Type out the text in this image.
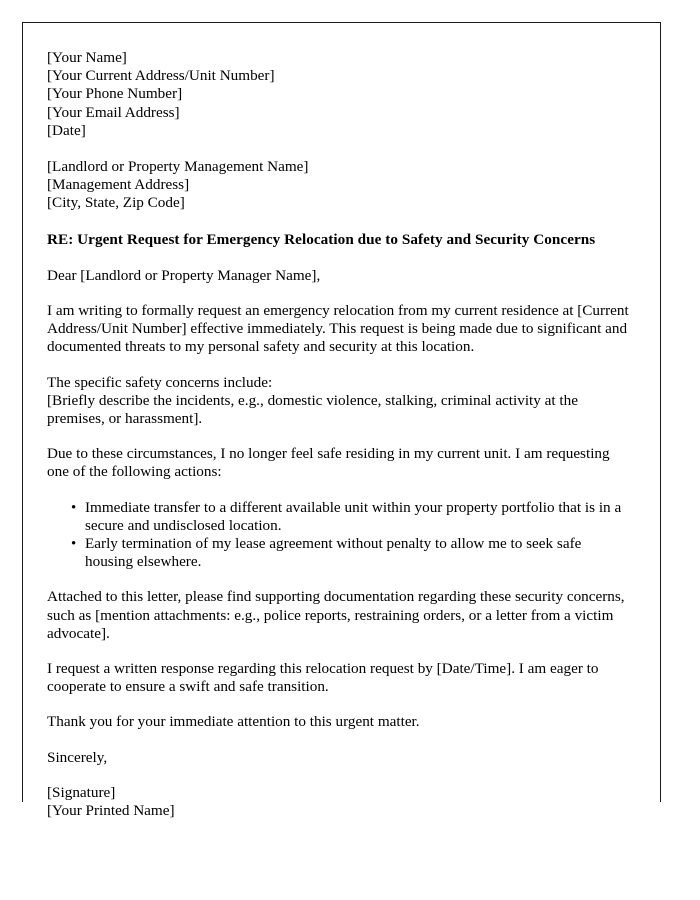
[Your Name]
[Your Current Address/Unit Number]
[Your Phone Number]
[Your Email Address]
[Date]
[Landlord or Property Management Name]
[Management Address]
[City, State, Zip Code]
RE: Urgent Request for Emergency Relocation due to Safety and Security Concerns
Dear [Landlord or Property Manager Name],
I am writing to formally request an emergency relocation from my current residence at [Current Address/Unit Number] effective immediately. This request is being made due to significant and documented threats to my personal safety and security at this location.
The specific safety concerns include:
[Briefly describe the incidents, e.g., domestic violence, stalking, criminal activity at the premises, or harassment].
Due to these circumstances, I no longer feel safe residing in my current unit. I am requesting one of the following actions:
• Immediate transfer to a different available unit within your property portfolio that is in a secure and undisclosed location.
• Early termination of my lease agreement without penalty to allow me to seek safe housing elsewhere.
Attached to this letter, please find supporting documentation regarding these security concerns, such as [mention attachments: e.g., police reports, restraining orders, or a letter from a victim advocate].
I request a written response regarding this relocation request by [Date/Time]. I am eager to cooperate to ensure a swift and safe transition.
Thank you for your immediate attention to this urgent matter.
Sincerely,
[Signature]
[Your Printed Name]
